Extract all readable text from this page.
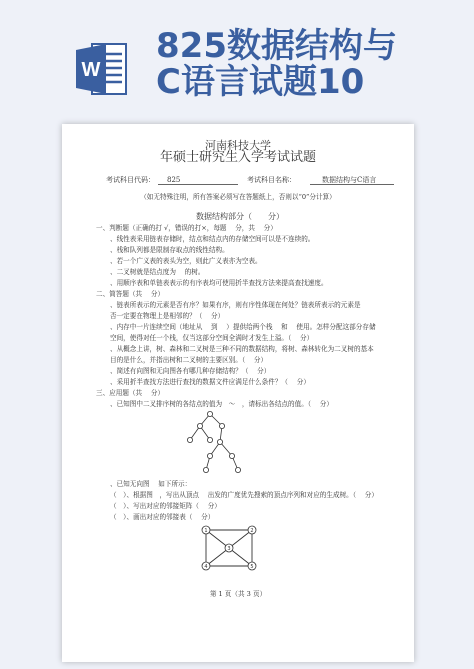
W
825数据结构与
C语言试题10
河南科技大学
年硕士研究生入学考试试题
考试科目代码： 825	考试科目名称：	数据结构与C语言
（如无特殊注明，所有答案必须写在答题纸上，否则以“0”分计算）
数据结构部分（　　分）
一、判断题（正确的打 √，错误的打×，每题　 分，共　 分）
、线性表采用链表存储时，结点和结点内的存储空间可以是不连续的。
、栈和队列都是限制存取点的线性结构。
、若一个广义表的表头为空，则此广义表亦为空表。
、二叉树就是结点度为　 的树。
、用顺序表和单链表表示的有序表均可使用折半查找方法来提高查找速度。
二、简答题（共　 分）
、链表所表示的元素是否有序？如果有序，则有序性体现在何处？链表所表示的元素是
否一定要在物理上是相邻的？（　 分）
、内存中一片连续空间（地址从　 到　 ）提供给两个栈　 和　 使用。怎样分配这部分存储
空间，使得对任一个栈，仅当这部分空间全满时才发生上溢。（　 分）
、从概念上讲，树、森林和二叉树是三种不同的数据结构，将树、森林转化为二叉树的基本
目的是什么，并指出树和二叉树的主要区别。（　 分）
、简述有向图和无向图各有哪几种存储结构？（　 分）
、采用折半查找方法进行查找的数据文件应满足什么条件？（　 分）
三、应用题（共　 分）
、已知图中二叉排序树的各结点的值为　～　，请标出各结点的值。（　 分）
、已知无向图　 如下所示：
（　）、根据图　，写出从顶点　 出发的广度优先搜索的顶点序列和对应的生成树。（　 分）
（　）、写出对应的邻接矩阵（　 分）
（　）、画出对应的邻接表（　 分）
1	2
3
4	5
第 1 页（共 3 页）
